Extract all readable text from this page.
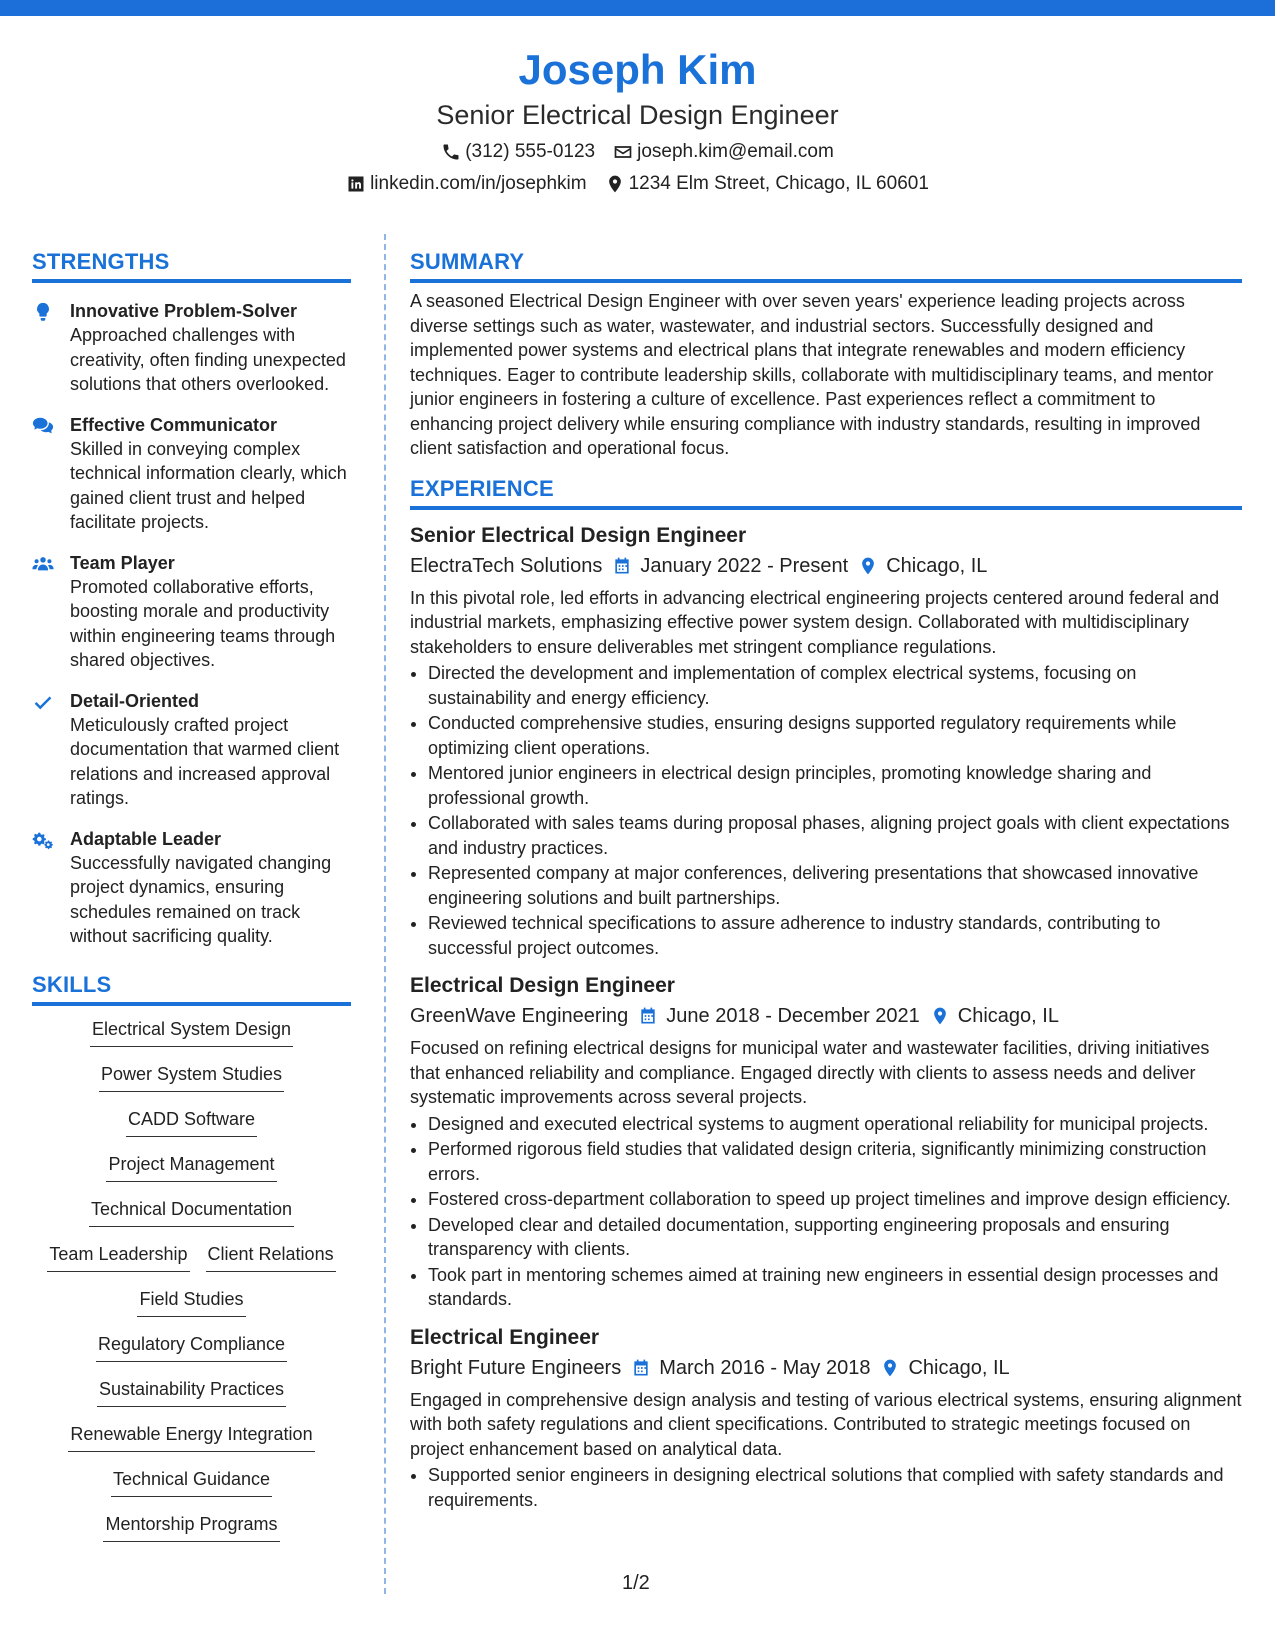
Joseph Kim
Senior Electrical Design Engineer
(312) 555-0123 joseph.kim@email.com
linkedin.com/in/josephkim 1234 Elm Street, Chicago, IL 60601
STRENGTHS
Innovative Problem-Solver
Approached challenges with creativity, often finding unexpected solutions that others overlooked.
Effective Communicator
Skilled in conveying complex technical information clearly, which gained client trust and helped facilitate projects.
Team Player
Promoted collaborative efforts, boosting morale and productivity within engineering teams through shared objectives.
Detail-Oriented
Meticulously crafted project documentation that warmed client relations and increased approval ratings.
Adaptable Leader
Successfully navigated changing project dynamics, ensuring schedules remained on track without sacrificing quality.
SKILLS
Electrical System Design
Power System Studies
CADD Software
Project Management
Technical Documentation
Team Leadership Client Relations
Field Studies
Regulatory Compliance
Sustainability Practices
Renewable Energy Integration
Technical Guidance
Mentorship Programs
SUMMARY
A seasoned Electrical Design Engineer with over seven years' experience leading projects across diverse settings such as water, wastewater, and industrial sectors. Successfully designed and implemented power systems and electrical plans that integrate renewables and modern efficiency techniques. Eager to contribute leadership skills, collaborate with multidisciplinary teams, and mentor junior engineers in fostering a culture of excellence. Past experiences reflect a commitment to enhancing project delivery while ensuring compliance with industry standards, resulting in improved client satisfaction and operational focus.
EXPERIENCE
Senior Electrical Design Engineer
ElectraTech Solutions January 2022 - Present Chicago, IL
In this pivotal role, led efforts in advancing electrical engineering projects centered around federal and industrial markets, emphasizing effective power system design. Collaborated with multidisciplinary stakeholders to ensure deliverables met stringent compliance regulations.
• Directed the development and implementation of complex electrical systems, focusing on sustainability and energy efficiency.
• Conducted comprehensive studies, ensuring designs supported regulatory requirements while optimizing client operations.
• Mentored junior engineers in electrical design principles, promoting knowledge sharing and professional growth.
• Collaborated with sales teams during proposal phases, aligning project goals with client expectations and industry practices.
• Represented company at major conferences, delivering presentations that showcased innovative engineering solutions and built partnerships.
• Reviewed technical specifications to assure adherence to industry standards, contributing to successful project outcomes.
Electrical Design Engineer
GreenWave Engineering June 2018 - December 2021 Chicago, IL
Focused on refining electrical designs for municipal water and wastewater facilities, driving initiatives that enhanced reliability and compliance. Engaged directly with clients to assess needs and deliver systematic improvements across several projects.
• Designed and executed electrical systems to augment operational reliability for municipal projects.
• Performed rigorous field studies that validated design criteria, significantly minimizing construction errors.
• Fostered cross-department collaboration to speed up project timelines and improve design efficiency.
• Developed clear and detailed documentation, supporting engineering proposals and ensuring transparency with clients.
• Took part in mentoring schemes aimed at training new engineers in essential design processes and standards.
Electrical Engineer
Bright Future Engineers March 2016 - May 2018 Chicago, IL
Engaged in comprehensive design analysis and testing of various electrical systems, ensuring alignment with both safety regulations and client specifications. Contributed to strategic meetings focused on project enhancement based on analytical data.
• Supported senior engineers in designing electrical solutions that complied with safety standards and requirements.
1/2
